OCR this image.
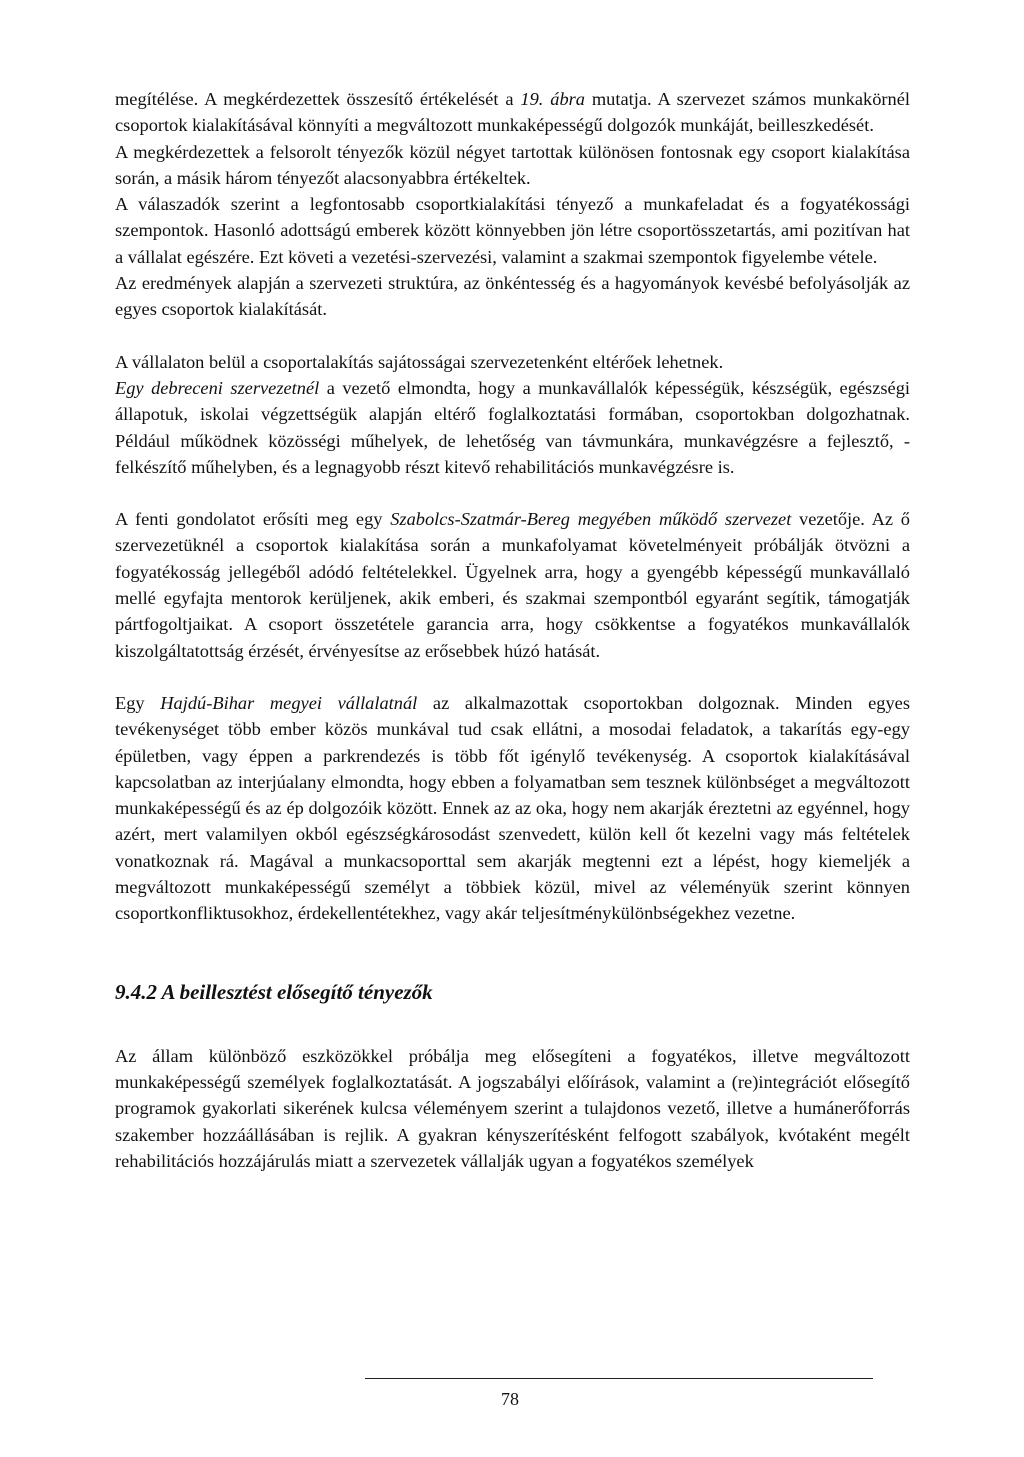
megítélése. A megkérdezettek összesítő értékelését a 19. ábra mutatja. A szervezet számos munkakörnél csoportok kialakításával könnyíti a megváltozott munkaképességű dolgozók munkáját, beilleszkedését.

A megkérdezettek a felsorolt tényezők közül négyet tartottak különösen fontosnak egy csoport kialakítása során, a másik három tényezőt alacsonyabbra értékeltek.

A válaszadók szerint a legfontosabb csoportkialakítási tényező a munkafeladat és a fogyatékossági szempontok. Hasonló adottságú emberek között könnyebben jön létre csoportösszetartás, ami pozitívan hat a vállalat egészére. Ezt követi a vezetési-szervezési, valamint a szakmai szempontok figyelembe vétele.

Az eredmények alapján a szervezeti struktúra, az önkéntesség és a hagyományok kevésbé befolyásolják az egyes csoportok kialakítását.

A vállalaton belül a csoportalakítás sajátosságai szervezetenként eltérőek lehetnek.

Egy debreceni szervezetnél a vezető elmondta, hogy a munkavállalók képességük, készségük, egészségi állapotuk, iskolai végzettségük alapján eltérő foglalkoztatási formában, csoportokban dolgozhatnak. Például működnek közösségi műhelyek, de lehetőség van távmunkára, munkavégzésre a fejlesztő, - felkészítő műhelyben, és a legnagyobb részt kitevő rehabilitációs munkavégzésre is.

A fenti gondolatot erősíti meg egy Szabolcs-Szatmár-Bereg megyében működő szervezet vezetője. Az ő szervezetüknél a csoportok kialakítása során a munkafolyamat követelményeit próbálják ötvözni a fogyatékosság jellegéből adódó feltételekkel. Ügyelnek arra, hogy a gyengébb képességű munkavállaló mellé egyfajta mentorok kerüljenek, akik emberi, és szakmai szempontból egyaránt segítik, támogatják pártfogoltjaikat. A csoport összetétele garancia arra, hogy csökkentse a fogyatékos munkavállalók kiszolgáltatottság érzését, érvényesítse az erősebbek húzó hatását.

Egy Hajdú-Bihar megyei vállalatnál az alkalmazottak csoportokban dolgoznak. Minden egyes tevékenységet több ember közös munkával tud csak ellátni, a mosodai feladatok, a takarítás egy-egy épületben, vagy éppen a parkrendezés is több főt igénylő tevékenység. A csoportok kialakításával kapcsolatban az interjúalany elmondta, hogy ebben a folyamatban sem tesznek különbséget a megváltozott munkaképességű és az ép dolgozóik között. Ennek az az oka, hogy nem akarják éreztetni az egyénnel, hogy azért, mert valamilyen okból egészségkárosodást szenvedett, külön kell őt kezelni vagy más feltételek vonatkoznak rá. Magával a munkacsoporttal sem akarják megtenni ezt a lépést, hogy kiemeljék a megváltozott munkaképességű személyt a többiek közül, mivel az véleményük szerint könnyen csoportkonfliktusokhoz, érdekellentétekhez, vagy akár teljesítménykülönbségekhez vezetne.

9.4.2 A beillesztést elősegítő tényezők

Az állam különböző eszközökkel próbálja meg elősegíteni a fogyatékos, illetve megváltozott munkaképességű személyek foglalkoztatását. A jogszabályi előírások, valamint a (re)integrációt elősegítő programok gyakorlati sikerének kulcsa véleményem szerint a tulajdonos vezető, illetve a humánerőforrás szakember hozzáállásában is rejlik. A gyakran kényszerítésként felfogott szabályok, kvótaként megélt rehabilitációs hozzájárulás miatt a szervezetek vállalják ugyan a fogyatékos személyek

78
